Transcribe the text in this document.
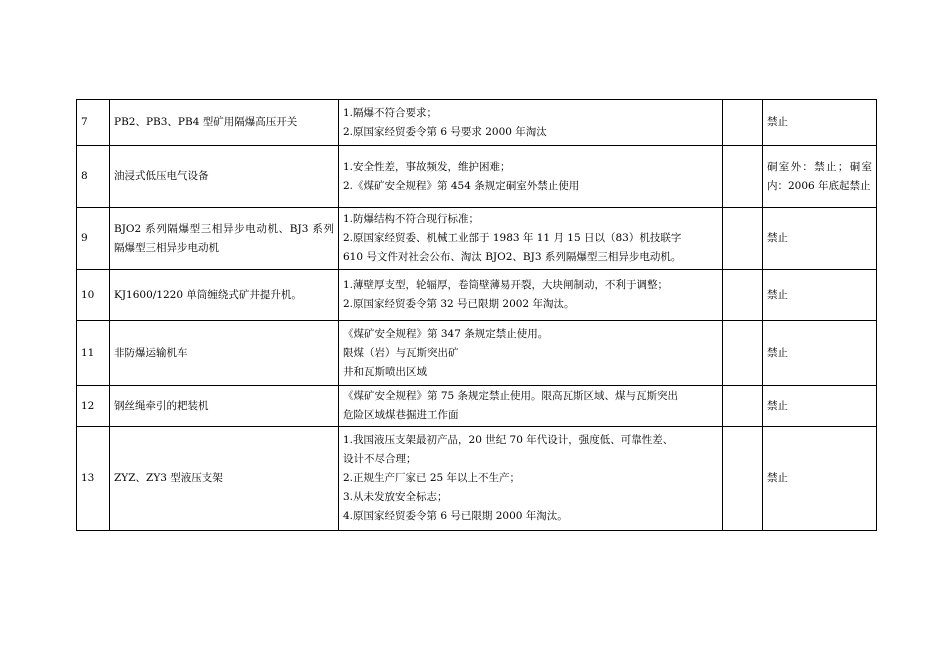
7	PB2、PB3、PB4 型矿用隔爆高压开关	1.隔爆不符合要求；
2.原国家经贸委令第 6 号要求 2000 年淘汰		禁止
8	油浸式低压电气设备	1.安全性差，事故频发，维护困难；
2.《煤矿安全规程》第 454 条规定硐室外禁止使用		硐室外：禁止；硐室内：2006 年底起禁止

9	BJO2 系列隔爆型三相异步电动机、BJ3 系列隔爆型三相异步电动机	1.防爆结构不符合现行标准；
2.原国家经贸委、机械工业部于 1983 年 11 月 15 日以（83）机技联字
610 号文件对社会公布、淘汰 BJO2、BJ3 系列隔爆型三相异步电动机。		禁止
10	KJ1600/1220 单筒缠绕式矿井提升机。	1.薄壁厚支型，轮辐厚，卷筒壁薄易开裂，大块闸制动，不利于调整；
2.原国家经贸委令第 32 号已限期 2002 年淘汰。		禁止
11	非防爆运输机车	《煤矿安全规程》第 347 条规定禁止使用。
限煤（岩）与瓦斯突出矿
井和瓦斯喷出区域		禁止
12	钢丝绳牵引的耙装机	《煤矿安全规程》第 75 条规定禁止使用。限高瓦斯区域、煤与瓦斯突出
危险区域煤巷掘进工作面		禁止
13	ZYZ、ZY3 型液压支架	1.我国液压支架最初产品，20 世纪 70 年代设计，强度低、可靠性差、
设计不尽合理；
2.正规生产厂家已 25 年以上不生产；
3.从未发放安全标志；
4.原国家经贸委令第 6 号已限期 2000 年淘汰。		禁止
